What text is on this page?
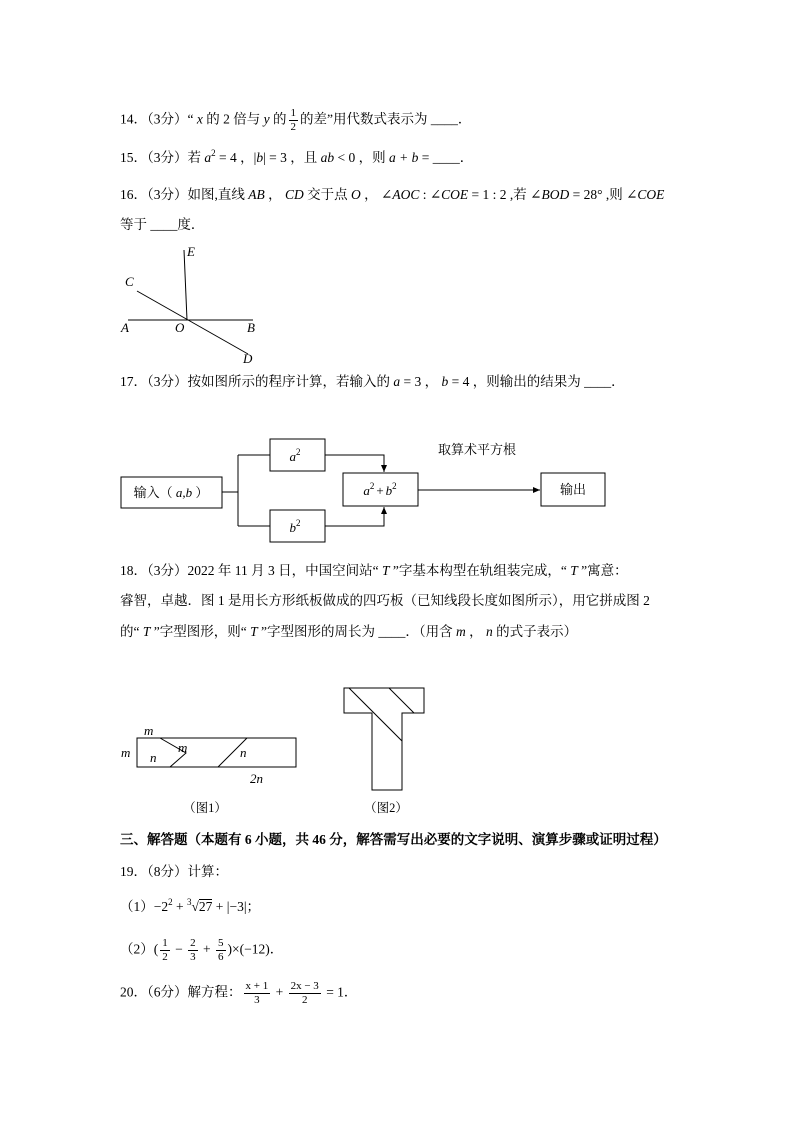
C
E
A	O	B
D
输入（ a,b ）
$a^2$
$b^2$
$a^2 + b^2$
取算术平方根
输出
m
m n
m	n
2n
（图1）	（图2）
14．（3分）“ x 的 2 倍与 y 的 $\frac{1}{2}$ 的差”用代数式表示为 ____．
15．（3分）若 $a^2 = 4$ ，|b| = 3 ，且 ab < 0 ，则 a + b = ____．
16．（3分）如图,直线 AB ， CD 交于点 O ， ∠AOC : ∠COE = 1 : 2 ,若 ∠BOD = 28° ,则 ∠COE
等于 ____度．
17．（3分）按如图所示的程序计算，若输入的 a = 3 ， b = 4 ，则输出的结果为 ____．
18．（3分）2022 年 11 月 3 日，中国空间站“ T ”字基本构型在轨组装完成，“ T ”寓意：
睿智，卓越．图 1 是用长方形纸板做成的四巧板（已知线段长度如图所示），用它拼成图 2
的“ T ”字型图形，则“ T ”字型图形的周长为 ____．（用含 m ， n 的式子表示）
三、解答题（本题有 6 小题，共 46 分，解答需写出必要的文字说明、演算步骤或证明过程）
19．（8分）计算：
$(1)-2^2 + ^3√27 + |-3|$；
$(2)( \frac{1}{2} - \frac{2}{3} + \frac{5}{6} )\times(-12)$．
20．（6分）解方程： $\frac{x + 1}{3} + \frac{2x - 3}{2} = 1$．
